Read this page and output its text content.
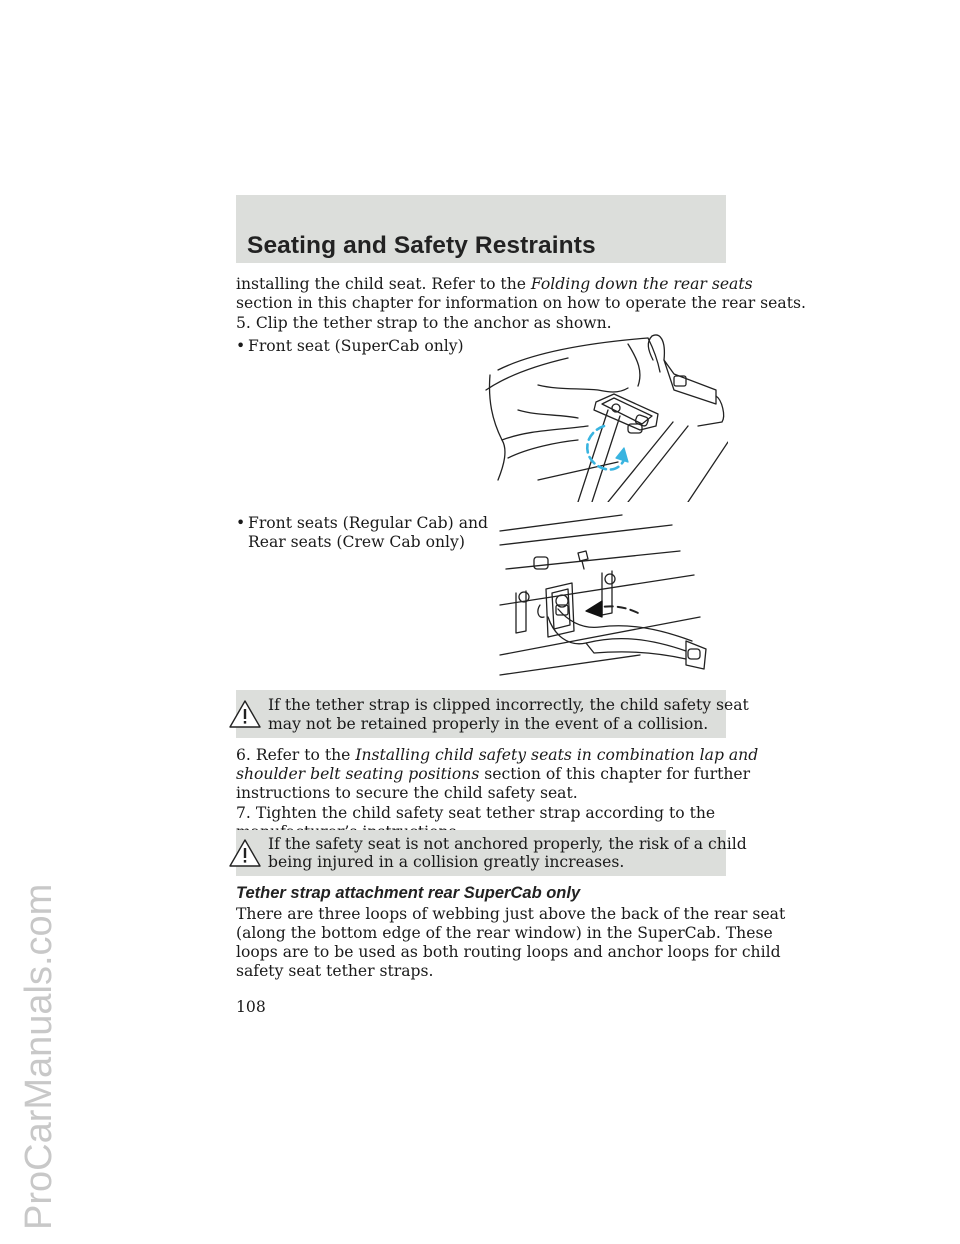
ProCarManuals.com
Seating and Safety Restraints
installing the child seat. Refer to the Folding down the rear seats
section in this chapter for information on how to operate the rear seats.
5. Clip the tether strap to the anchor as shown.
• Front seat (SuperCab only)
• Front seats (Regular Cab) and
Rear seats (Crew Cab only)
If the tether strap is clipped incorrectly, the child safety seat
may not be retained properly in the event of a collision.
6. Refer to the Installing child safety seats in combination lap and
shoulder belt seating positions section of this chapter for further
instructions to secure the child safety seat.
7. Tighten the child safety seat tether strap according to the
If the safety seat is not anchored properly, the risk of a child
being injured in a collision greatly increases.
Tether strap attachment rear SuperCab only
There are three loops of webbing just above the back of the rear seat
(along the bottom edge of the rear window) in the SuperCab. These
loops are to be used as both routing loops and anchor loops for child
safety seat tether straps.
108
